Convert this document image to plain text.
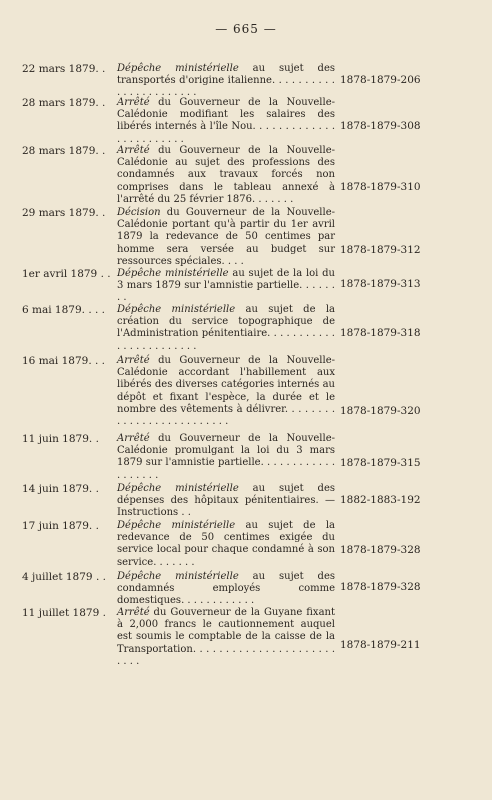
— 665 —
22 mars 1879. . Dépêche ministérielle au sujet des transportés d'origine italienne. . . . . . . . . . . . . . . . . . . . . . .
1878-1879-206
28 mars 1879. . Arrêté du Gouverneur de la Nouvelle-Calédonie modifiant les salaires des libérés internés à l'île Nou. . . . . . . . . . . . . . . . . . . . . . . .
1878-1879-308
28 mars 1879. . Arrêté du Gouverneur de la Nouvelle-Calédonie au sujet des professions des condamnés aux travaux forcés non comprises dans le tableau annexé à l'arrêté du 25 février 1876. . . . . . .
1878-1879-310
29 mars 1879. . Décision du Gouverneur de la Nouvelle-Calédonie portant qu'à partir du 1er avril 1879 la redevance de 50 centimes par homme sera versée au budget sur ressources spéciales. . . .
1878-1879-312
1er avril 1879 . . Dépêche ministérielle au sujet de la loi du 3 mars 1879 sur l'amnistie partielle. . . . . . . .
1878-1879-313
6 mai 1879. . . . Dépêche ministérielle au sujet de la création du service topographique de l'Administration pénitentiaire. . . . . . . . . . . . . . . . . . . . . . . .
1878-1879-318
16 mai 1879. . . Arrêté du Gouverneur de la Nouvelle-Calédonie accordant l'habillement aux libérés des diverses catégories internés au dépôt et fixant l'espèce, la durée et le nombre des vêtements à délivrer. . . . . . . . . . . . . . . . . . . . . . . . . .
1878-1879-320
11 juin 1879. . Arrêté du Gouverneur de la Nouvelle-Calédonie promulgant la loi du 3 mars 1879 sur l'amnistie partielle. . . . . . . . . . . . . . . . . . .
1878-1879-315
14 juin 1879. . Dépêche ministérielle au sujet des dépenses des hôpitaux pénitentiaires. — Instructions . .
1882-1883-192
17 juin 1879. . Dépêche ministérielle au sujet de la redevance de 50 centimes exigée du service local pour chaque condamné à son service. . . . . . .
1878-1879-328
4 juillet 1879 . . Dépêche ministérielle au sujet des condamnés employés comme domestiques. . . . . . . . . . . .
1878-1879-328
11 juillet 1879 . Arrêté du Gouverneur de la Guyane fixant à 2,000 francs le cautionnement auquel est soumis le comptable de la caisse de la Transportation. . . . . . . . . . . . . . . . . . . . . . . . . .
1878-1879-211
